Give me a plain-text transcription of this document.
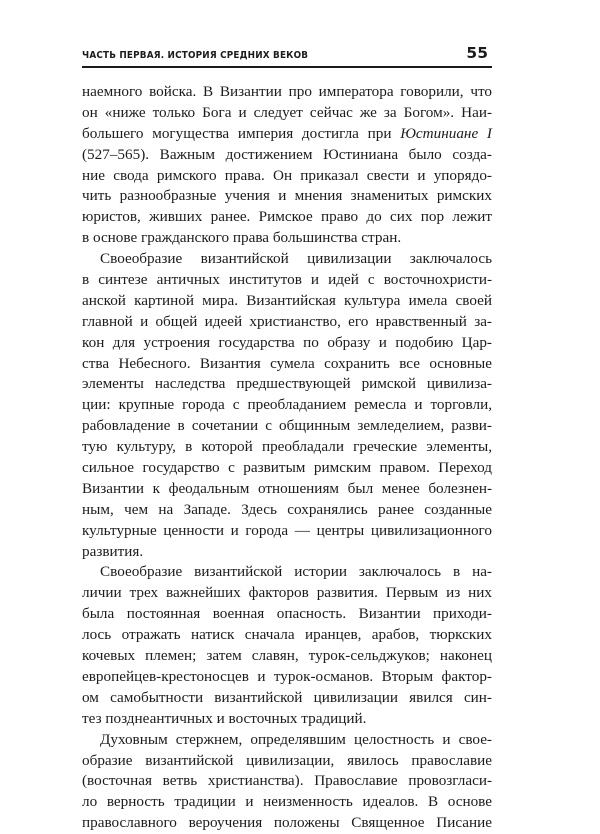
ЧАСТЬ ПЕРВАЯ. ИСТОРИЯ СРЕДНИХ ВЕКОВ	55
наемного войска. В Византии про императора говорили, что
он «ниже только Бога и следует сейчас же за Богом». Наи-
большего могущества империя достигла при Юстиниане I
(527–565). Важным достижением Юстиниана было созда-
ние свода римского права. Он приказал свести и упорядо-
чить разнообразные учения и мнения знаменитых римских
юристов, живших ранее. Римское право до сих пор лежит
в основе гражданского права большинства стран.
Своеобразие византийской цивилизации заключалось
в синтезе античных институтов и идей с восточнохристи-
анской картиной мира. Византийская культура имела своей
главной и общей идеей христианство, его нравственный за-
кон для устроения государства по образу и подобию Цар-
ства Небесного. Византия сумела сохранить все основные
элементы наследства предшествующей римской цивилиза-
ции: крупные города с преобладанием ремесла и торговли,
рабовладение в сочетании с общинным земледелием, разви-
тую культуру, в которой преобладали греческие элементы,
сильное государство с развитым римским правом. Переход
Византии к феодальным отношениям был менее болезнен-
ным, чем на Западе. Здесь сохранялись ранее созданные
культурные ценности и города — центры цивилизационного
развития.
Своеобразие византийской истории заключалось в на-
личии трех важнейших факторов развития. Первым из них
была постоянная военная опасность. Византии приходи-
лось отражать натиск сначала иранцев, арабов, тюркских
кочевых племен; затем славян, турок-сельджуков; наконец
европейцев-крестоносцев и турок-османов. Вторым фактор-
ом самобытности византийской цивилизации явился син-
тез позднеантичных и восточных традиций.
Духовным стержнем, определявшим целостность и свое-
образие византийской цивилизации, явилось православие
(восточная ветвь христианства). Православие провозгласи-
ло верность традиции и неизменность идеалов. В основе
православного вероучения положены Священное Писание
